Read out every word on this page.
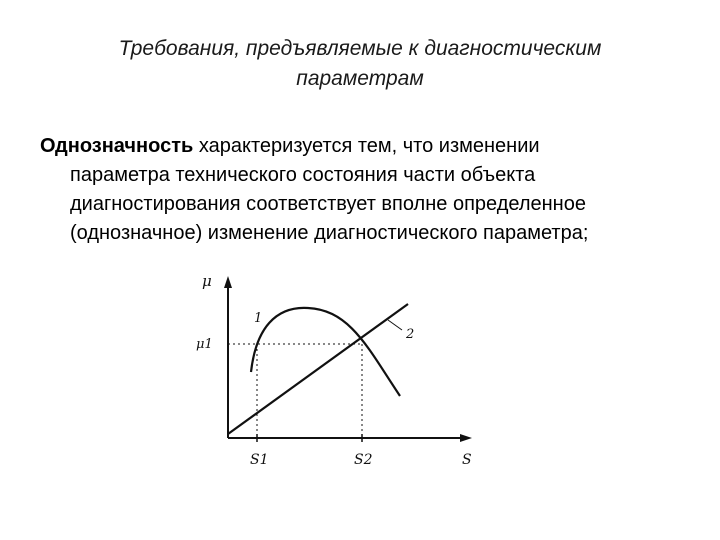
Требования, предъявляемые к диагностическим
параметрам
Однозначность характеризуется тем, что изменении
параметра технического состояния части объекта
диагностирования соответствует вполне определенное
(однозначное) изменение диагностического параметра;
μ
μ1
S1	S2	S
1
2
